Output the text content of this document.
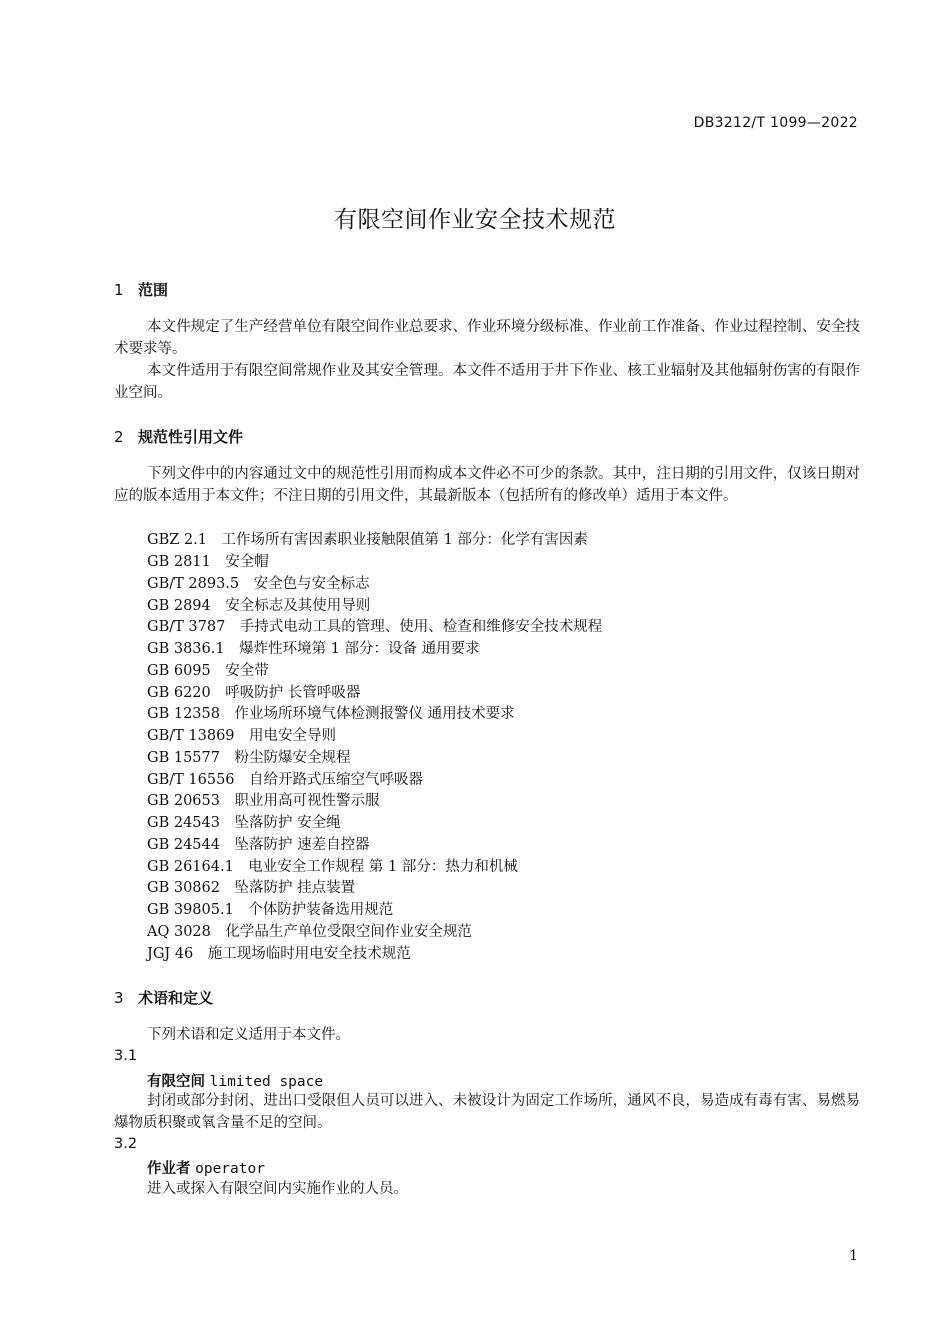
DB3212/T 1099—2022
有限空间作业安全技术规范
1 范围
本文件规定了生产经营单位有限空间作业总要求、作业环境分级标准、作业前工作准备、作业过程控制、安全技术要求等。
本文件适用于有限空间常规作业及其安全管理。本文件不适用于井下作业、核工业辐射及其他辐射伤害的有限作业空间。
2 规范性引用文件
下列文件中的内容通过文中的规范性引用而构成本文件必不可少的条款。其中，注日期的引用文件，仅该日期对应的版本适用于本文件；不注日期的引用文件，其最新版本（包括所有的修改单）适用于本文件。
GBZ 2.1　工作场所有害因素职业接触限值第 1 部分：化学有害因素
GB 2811　安全帽
GB/T 2893.5　安全色与安全标志
GB 2894　安全标志及其使用导则
GB/T 3787　手持式电动工具的管理、使用、检查和维修安全技术规程
GB 3836.1　爆炸性环境第 1 部分：设备 通用要求
GB 6095　安全带
GB 6220　呼吸防护 长管呼吸器
GB 12358　作业场所环境气体检测报警仪 通用技术要求
GB/T 13869　用电安全导则
GB 15577　粉尘防爆安全规程
GB/T 16556　自给开路式压缩空气呼吸器
GB 20653　职业用高可视性警示服
GB 24543　坠落防护 安全绳
GB 24544　坠落防护 速差自控器
GB 26164.1　电业安全工作规程 第 1 部分：热力和机械
GB 30862　坠落防护 挂点装置
GB 39805.1　个体防护装备选用规范
AQ 3028　化学品生产单位受限空间作业安全规范
JGJ 46　施工现场临时用电安全技术规范
3 术语和定义
下列术语和定义适用于本文件。
3.1
有限空间 limited space
封闭或部分封闭、进出口受限但人员可以进入、未被设计为固定工作场所，通风不良，易造成有毒有害、易燃易爆物质积聚或氧含量不足的空间。
3.2
作业者 operator
进入或探入有限空间内实施作业的人员。
1
